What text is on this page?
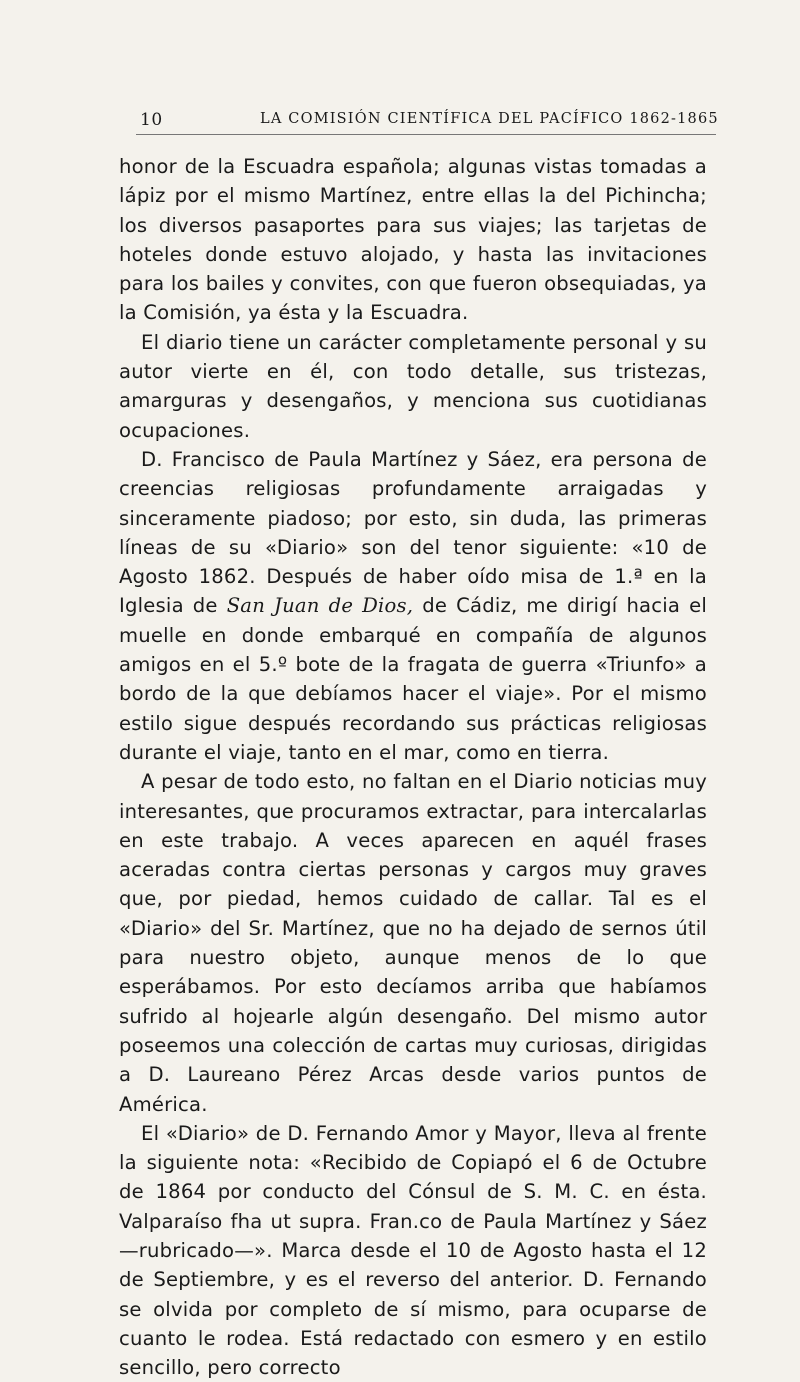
10	LA COMISIÓN CIENTÍFICA DEL PACÍFICO 1862-1865

honor de la Escuadra española; algunas vistas tomadas a lápiz por el mismo Martínez, entre ellas la del Pichincha; los diversos pasaportes para sus viajes; las tarjetas de hoteles donde estuvo alojado, y hasta las invitaciones para los bailes y convites, con que fueron obsequiadas, ya la Comisión, ya ésta y la Escuadra.

El diario tiene un carácter completamente personal y su autor vierte en él, con todo detalle, sus tristezas, amarguras y desengaños, y menciona sus cuotidianas ocupaciones.

D. Francisco de Paula Martínez y Sáez, era persona de creencias religiosas profundamente arraigadas y sinceramente piadoso; por esto, sin duda, las primeras líneas de su «Diario» son del tenor siguiente: «10 de Agosto 1862. Después de haber oído misa de 1.ª en la Iglesia de San Juan de Dios, de Cádiz, me dirigí hacia el muelle en donde embarqué en compañía de algunos amigos en el 5.º bote de la fragata de guerra «Triunfo» a bordo de la que debíamos hacer el viaje». Por el mismo estilo sigue después recordando sus prácticas religiosas durante el viaje, tanto en el mar, como en tierra.

A pesar de todo esto, no faltan en el Diario noticias muy interesantes, que procuramos extractar, para intercalarlas en este trabajo. A veces aparecen en aquél frases aceradas contra ciertas personas y cargos muy graves que, por piedad, hemos cuidado de callar. Tal es el «Diario» del Sr. Martínez, que no ha dejado de sernos útil para nuestro objeto, aunque menos de lo que esperábamos. Por esto decíamos arriba que habíamos sufrido al hojearle algún desengaño. Del mismo autor poseemos una colección de cartas muy curiosas, dirigidas a D. Laureano Pérez Arcas desde varios puntos de América.

El «Diario» de D. Fernando Amor y Mayor, lleva al frente la siguiente nota: «Recibido de Copiapó el 6 de Octubre de 1864 por conducto del Cónsul de S. M. C. en ésta. Valparaíso fha ut supra. Fran.co de Paula Martínez y Sáez—rubricado—». Marca desde el 10 de Agosto hasta el 12 de Septiembre, y es el reverso del anterior. D. Fernando se olvida por completo de sí mismo, para ocuparse de cuanto le rodea. Está redactado con esmero y en estilo sencillo, pero correcto
